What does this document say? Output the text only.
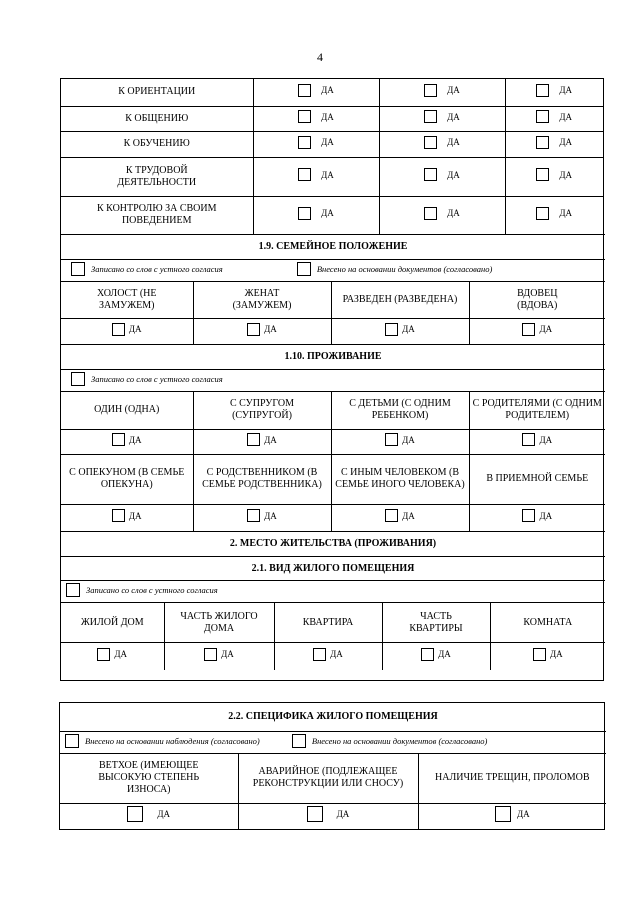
4
К ОРИЕНТАЦИИ	ДА	ДА	ДА

К ОБЩЕНИЮ	ДА	ДА	ДА

К ОБУЧЕНИЮ	ДА	ДА	ДА

К ТРУДОВОЙ ДЕЯТЕЛЬНОСТИ	ДА	ДА	ДА

К КОНТРОЛЮ ЗА СВОИМ ПОВЕДЕНИЕМ	ДА	ДА	ДА
1.9. СЕМЕЙНОЕ ПОЛОЖЕНИЕ			

Записано со слов с устного согласия
Внесено на основании документов (согласовано)			

ХОЛОСТ (НЕ ЗАМУЖЕМ)	ЖЕНАТ (ЗАМУЖЕМ)	РАЗВЕДЕН (РАЗВЕДЕНА)	ВДОВЕЦ (ВДОВА)

ДА	ДА	ДА	ДА
1.10. ПРОЖИВАНИЕ			

Записано со слов с устного согласия			

ОДИН (ОДНА)	С СУПРУГОМ (СУПРУГОЙ)	С ДЕТЬМИ (С ОДНИМ РЕБЕНКОМ)	С РОДИТЕЛЯМИ (С ОДНИМ РОДИТЕЛЕМ)

ДА	ДА	ДА	ДА

С ОПЕКУНОМ (В СЕМЬЕ ОПЕКУНА)	С РОДСТВЕННИКОМ (В СЕМЬЕ РОДСТВЕННИКА)	С ИНЫМ ЧЕЛОВЕКОМ (В СЕМЬЕ ИНОГО ЧЕЛОВЕКА)	В ПРИЕМНОЙ СЕМЬЕ

ДА	ДА	ДА	ДА
2. МЕСТО ЖИТЕЛЬСТВА (ПРОЖИВАНИЯ)				
2.1. ВИД ЖИЛОГО ПОМЕЩЕНИЯ				

Записано со слов с устного согласия				

ЖИЛОЙ ДОМ	ЧАСТЬ ЖИЛОГО ДОМА	КВАРТИРА	ЧАСТЬ КВАРТИРЫ	КОМНАТА

ДА	ДА	ДА	ДА	ДА
2.2. СПЕЦИФИКА ЖИЛОГО ПОМЕЩЕНИЯ		

Внесено на основании наблюдения (согласовано)
Внесено на основании документов (согласовано)		

ВЕТХОЕ (ИМЕЮЩЕЕ ВЫСОКУЮ СТЕПЕНЬ ИЗНОСА)	АВАРИЙНОЕ (ПОДЛЕЖАЩЕЕ РЕКОНСТРУКЦИИ ИЛИ СНОСУ)	НАЛИЧИЕ ТРЕЩИН, ПРОЛОМОВ

ДА	ДА	ДА
